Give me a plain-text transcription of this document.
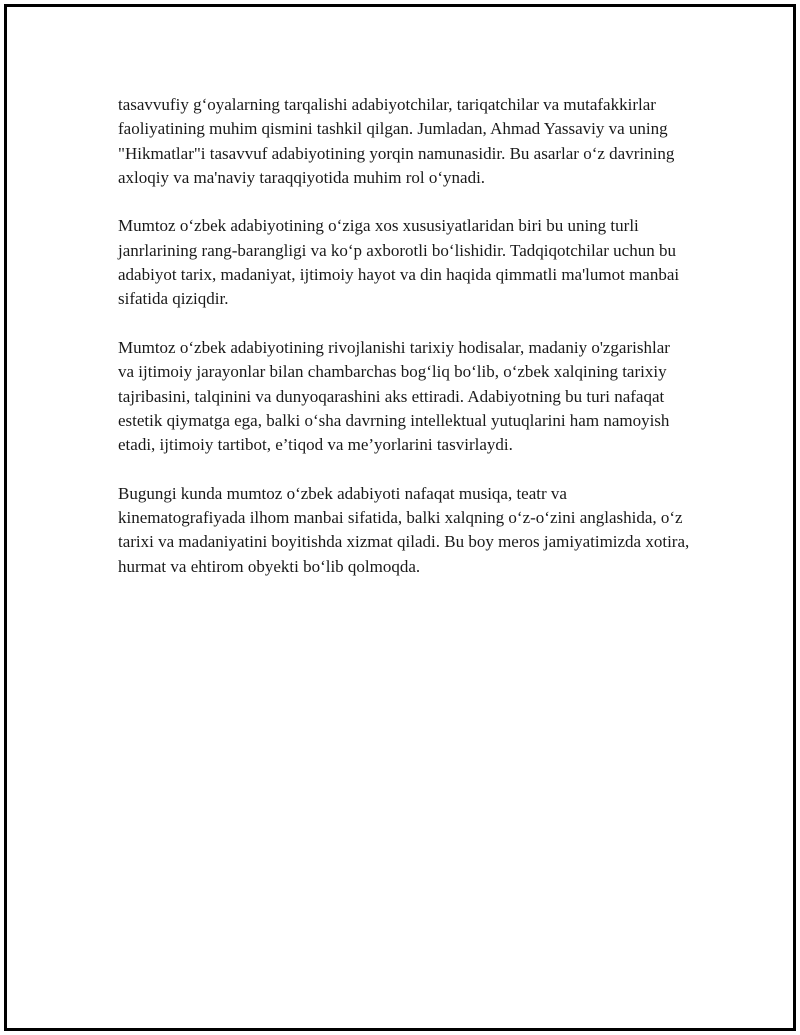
tasavvufiy g‘oyalarning tarqalishi adabiyotchilar, tariqatchilar va mutafakkirlar faoliyatining muhim qismini tashkil qilgan. Jumladan, Ahmad Yassaviy va uning "Hikmatlar"i tasavvuf adabiyotining yorqin namunasidir. Bu asarlar o‘z davrining axloqiy va ma'naviy taraqqiyotida muhim rol o‘ynadi.

Mumtoz o‘zbek adabiyotining o‘ziga xos xususiyatlaridan biri bu uning turli janrlarining rang-barangligi va ko‘p axborotli bo‘lishidir. Tadqiqotchilar uchun bu adabiyot tarix, madaniyat, ijtimoiy hayot va din haqida qimmatli ma'lumot manbai sifatida qiziqdir.

Mumtoz o‘zbek adabiyotining rivojlanishi tarixiy hodisalar, madaniy o'zgarishlar va ijtimoiy jarayonlar bilan chambarchas bog‘liq bo‘lib, o‘zbek xalqining tarixiy tajribasini, talqinini va dunyoqarashini aks ettiradi. Adabiyotning bu turi nafaqat estetik qiymatga ega, balki o‘sha davrning intellektual yutuqlarini ham namoyish etadi, ijtimoiy tartibot, e’tiqod va me’yorlarini tasvirlaydi.

Bugungi kunda mumtoz o‘zbek adabiyoti nafaqat musiqa, teatr va kinematografiyada ilhom manbai sifatida, balki xalqning o‘z-o‘zini anglashida, o‘z tarixi va madaniyatini boyitishda xizmat qiladi. Bu boy meros jamiyatimizda xotira, hurmat va ehtirom obyekti bo‘lib qolmoqda.
